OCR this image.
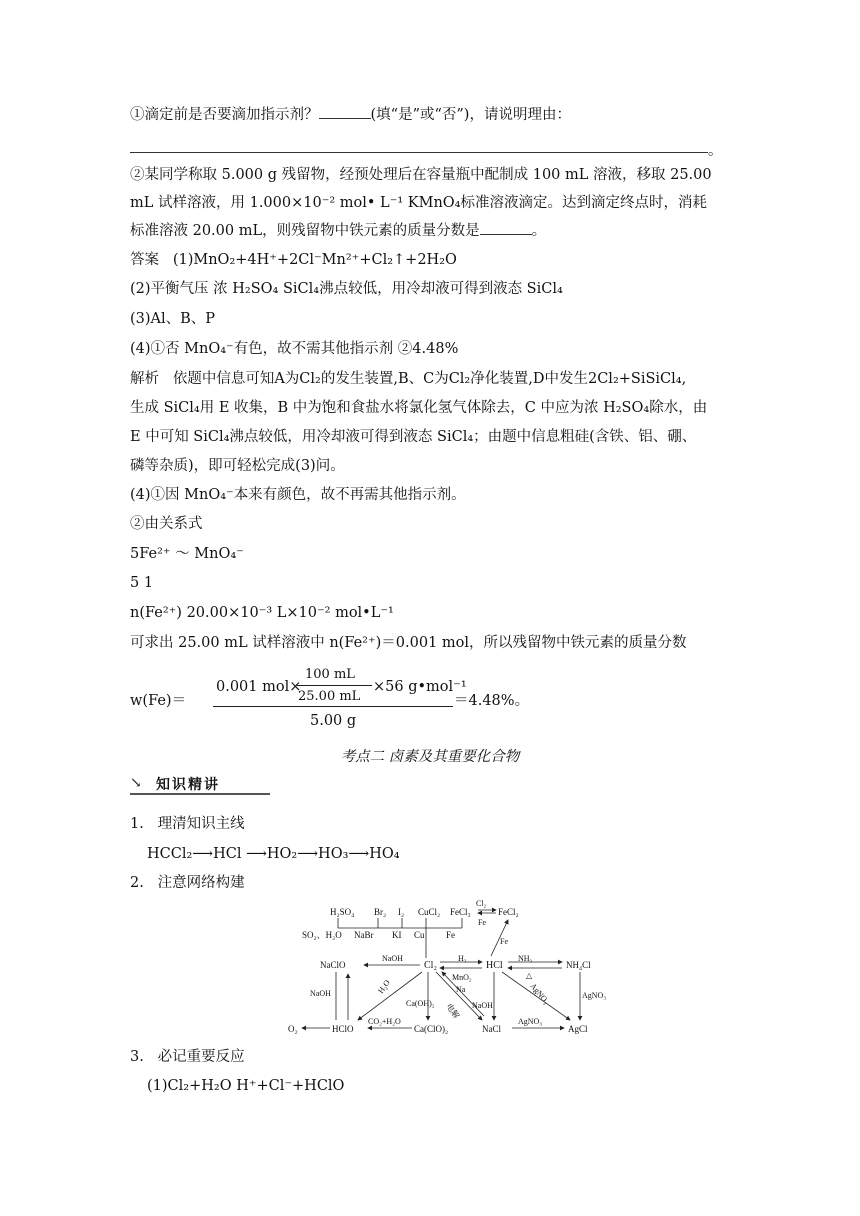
①滴定前是否要滴加指示剂？	(填“是”或“否”)，请说明理由：
。
②某同学称取 5.000 g 残留物，经预处理后在容量瓶中配制成 100 mL 溶液，移取 25.00
mL 试样溶液，用 1.000×10⁻² mol• L⁻¹ KMnO₄标准溶液滴定。达到滴定终点时，消耗
标准溶液 20.00 mL，则残留物中铁元素的质量分数是	。
答案 (1)MnO₂+4H⁺+2Cl⁻Mn²⁺+Cl₂↑+2H₂O
(2)平衡气压 浓 H₂SO₄ SiCl₄沸点较低，用冷却液可得到液态 SiCl₄
(3)Al、B、P
(4)①否 MnO₄⁻有色，故不需其他指示剂 ②4.48%
解析 依题中信息可知A为Cl₂的发生装置,B、C为Cl₂净化装置,D中发生2Cl₂+SiSiCl₄,
生成 SiCl₄用 E 收集，B 中为饱和食盐水将氯化氢气体除去，C 中应为浓 H₂SO₄除水，由
E 中可知 SiCl₄沸点较低，用冷却液可得到液态 SiCl₄；由题中信息粗硅(含铁、铝、硼、
磷等杂质)，即可轻松完成(3)问。
(4)①因 MnO₄⁻本来有颜色，故不再需其他指示剂。
②由关系式
5Fe²⁺ ～ MnO₄⁻
5 1
n(Fe²⁺) 20.00×10⁻³ L×10⁻² mol•L⁻¹
可求出 25.00 mL 试样溶液中 n(Fe²⁺)＝0.001 mol，所以残留物中铁元素的质量分数
w(Fe)＝
0.001 mol×
100 mL
25.00 mL
×56 g•mol⁻¹
5.00 g
＝4.48%。
考点二 卤素及其重要化合物
↘ 知识精讲
1. 理清知识主线
HCCl₂⟶HCl ⟶HO₂⟶HO₃⟶HO₄
2. 注意网络构建
H₂SO₄ Br₂ I₂ CuCl₂ FeCl₃	FeCl₂
SO₂、H₂O NaBr KI Cu Fe
Cl₂
NaClO	HCl	NH₄Cl
HClO	NaCl	AgCl
O₂	Ca(ClO)₂
Cl₂
Fe
Fe
NaOH	H₂
MnO₂
NH₃
△
NaOH	H₂O	Na
NaOH
Ca(OH)₂	AgNO₃	AgNO₃
AgNO₃
CO₂+H₂O
电解
3. 必记重要反应
(1)Cl₂+H₂O H⁺+Cl⁻+HClO
